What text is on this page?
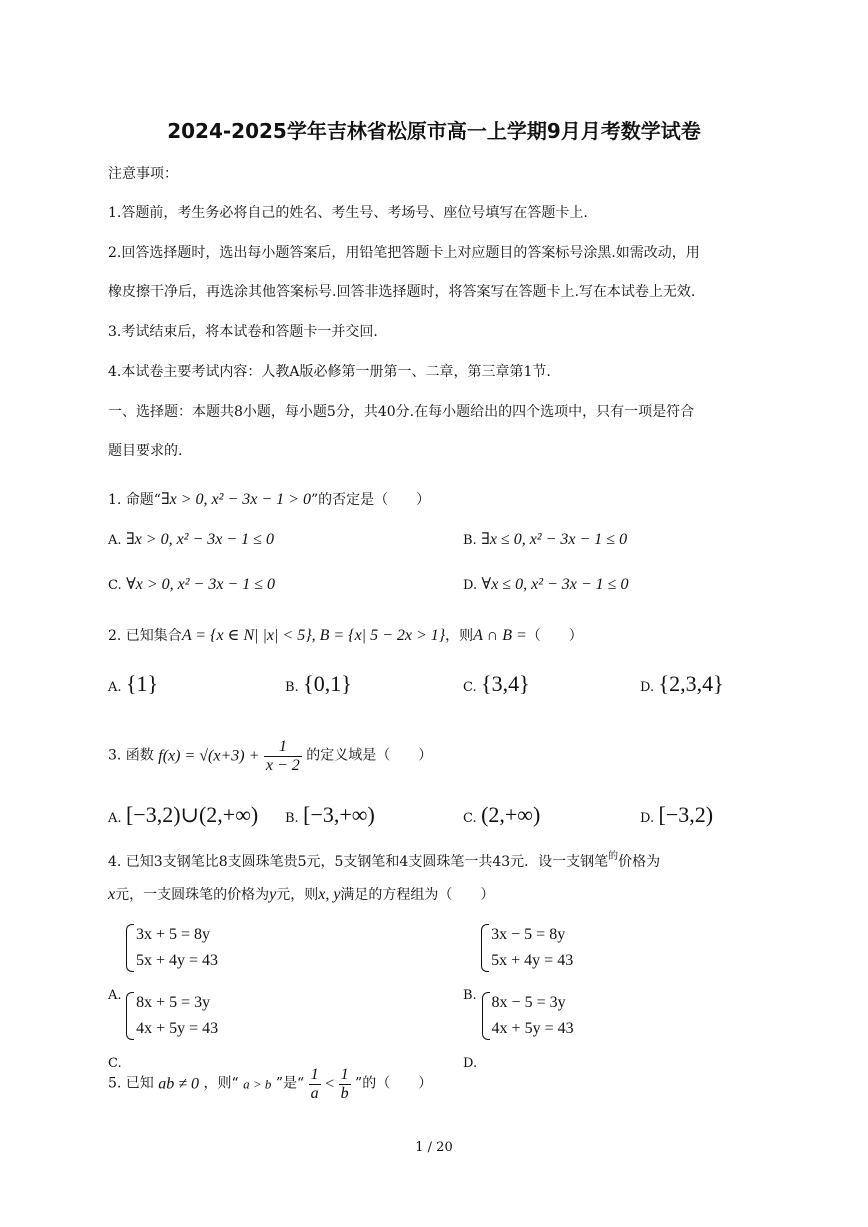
2024-2025学年吉林省松原市高一上学期9月月考数学试卷
注意事项：
1.答题前，考生务必将自己的姓名、考生号、考场号、座位号填写在答题卡上.
2.回答选择题时，选出每小题答案后，用铅笔把答题卡上对应题目的答案标号涂黑.如需改动，用
橡皮擦干净后，再选涂其他答案标号.回答非选择题时，将答案写在答题卡上.写在本试卷上无效.
3.考试结束后，将本试卷和答题卡一并交回.
4.本试卷主要考试内容：人教A版必修第一册第一、二章，第三章第1节.
一、选择题：本题共8小题，每小题5分，共40分.在每小题给出的四个选项中，只有一项是符合
题目要求的.
1. 命题“∃x > 0, x² − 3x − 1 > 0”的否定是（　　）
A. ∃x > 0, x² − 3x − 1 ≤ 0	B. ∃x ≤ 0, x² − 3x − 1 ≤ 0
C. ∀x > 0, x² − 3x − 1 ≤ 0	D. ∀x ≤ 0, x² − 3x − 1 ≤ 0
2. 已知集合A = {x ∈ N| |x| < 5}, B = {x| 5 − 2x > 1}，则A ∩ B =（　　）
A. {1}	B. {0,1}	C. {3,4}	D. {2,3,4}
3. 函数 $f(x) = √(x+3) + \frac{1}{x - 2}$ 的定义域是（　　）
A. [−3,2)∪(2,+∞) B. [−3,+∞)	C. (2,+∞)	D. [−3,2)
4. 已知3支钢笔比8支圆珠笔贵5元，5支钢笔和4支圆珠笔一共43元．设一支钢笔$^的$价格为
x元，一支圆珠笔的价格为y元，则x, y满足的方程组为（　　）
A.
3x + 5 = 8y
5x + 4y = 43
B.
3x − 5 = 8y
5x + 4y = 43
C.
8x + 5 = 3y
4x + 5y = 43
D.
8x − 5 = 3y
4x + 5y = 43
5. 已知 ab ≠ 0 ，则“ a > b ”是“ $\frac{1}{a} < \frac{1}{b}$ ”的（　　）
1 / 20
